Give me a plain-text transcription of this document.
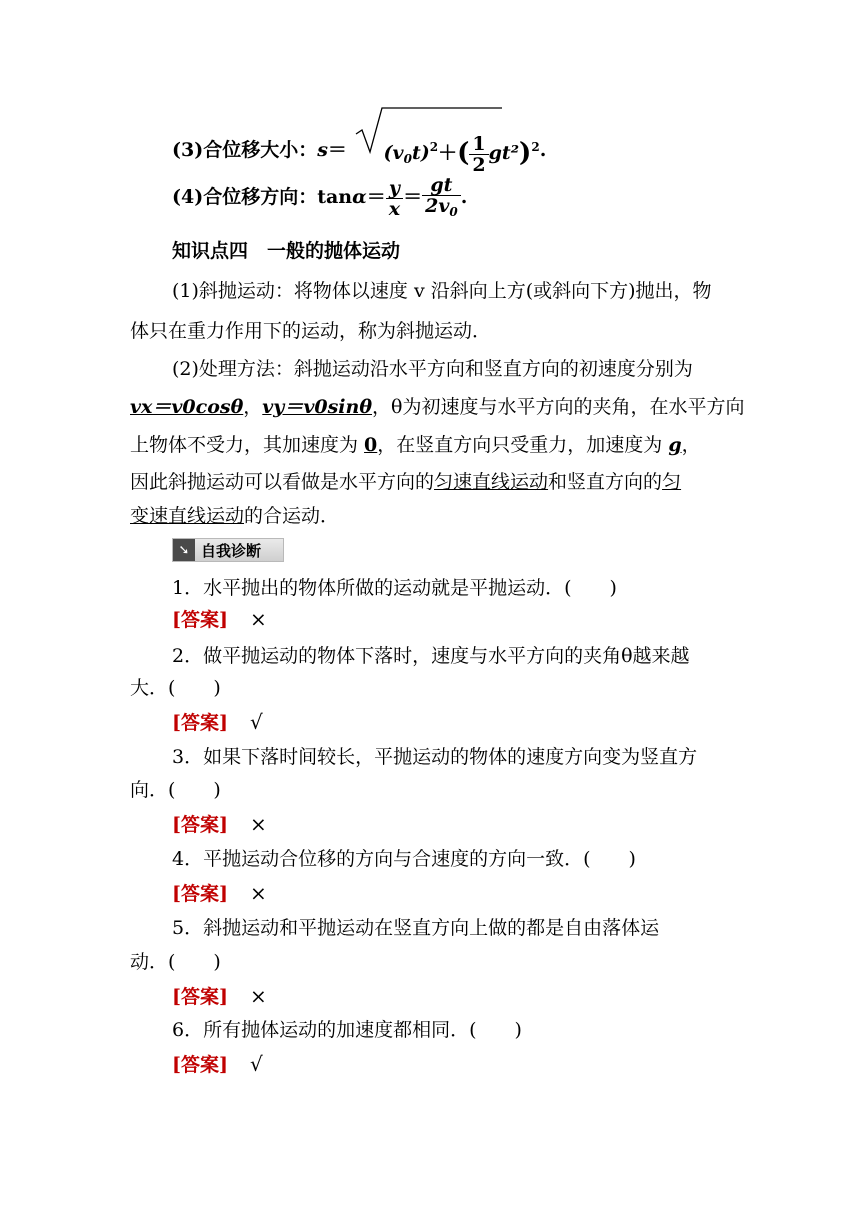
(3)合位移大小：$s= (v_0t)^2+( \frac{1}{2} gt^2)^2$.
(4)合位移方向：$\tan\alpha= \frac{y}{x} = \frac{gt}{2v_0}$ .
知识点四　一般的抛体运动
(1)斜抛运动：将物体以速度 v 沿斜向上方(或斜向下方)抛出，物
体只在重力作用下的运动，称为斜抛运动．
(2)处理方法：斜抛运动沿水平方向和竖直方向的初速度分别为
vx＝v0cosθ，vy＝v0sinθ，θ为初速度与水平方向的夹角，在水平方向
上物体不受力，其加速度为 0，在竖直方向只受重力，加速度为 g，
因此斜抛运动可以看做是水平方向的匀速直线运动和竖直方向的匀
变速直线运动的合运动．
➘ 自我诊断
1．水平抛出的物体所做的运动就是平抛运动．(　　)
[答案] ×
2．做平抛运动的物体下落时，速度与水平方向的夹角θ越来越
大．(　　)
[答案] √
3．如果下落时间较长，平抛运动的物体的速度方向变为竖直方
向．(　　)
[答案] ×
4．平抛运动合位移的方向与合速度的方向一致．(　　)
[答案] ×
5．斜抛运动和平抛运动在竖直方向上做的都是自由落体运
动．(　　)
[答案] ×
6．所有抛体运动的加速度都相同．(　　)
[答案] √
